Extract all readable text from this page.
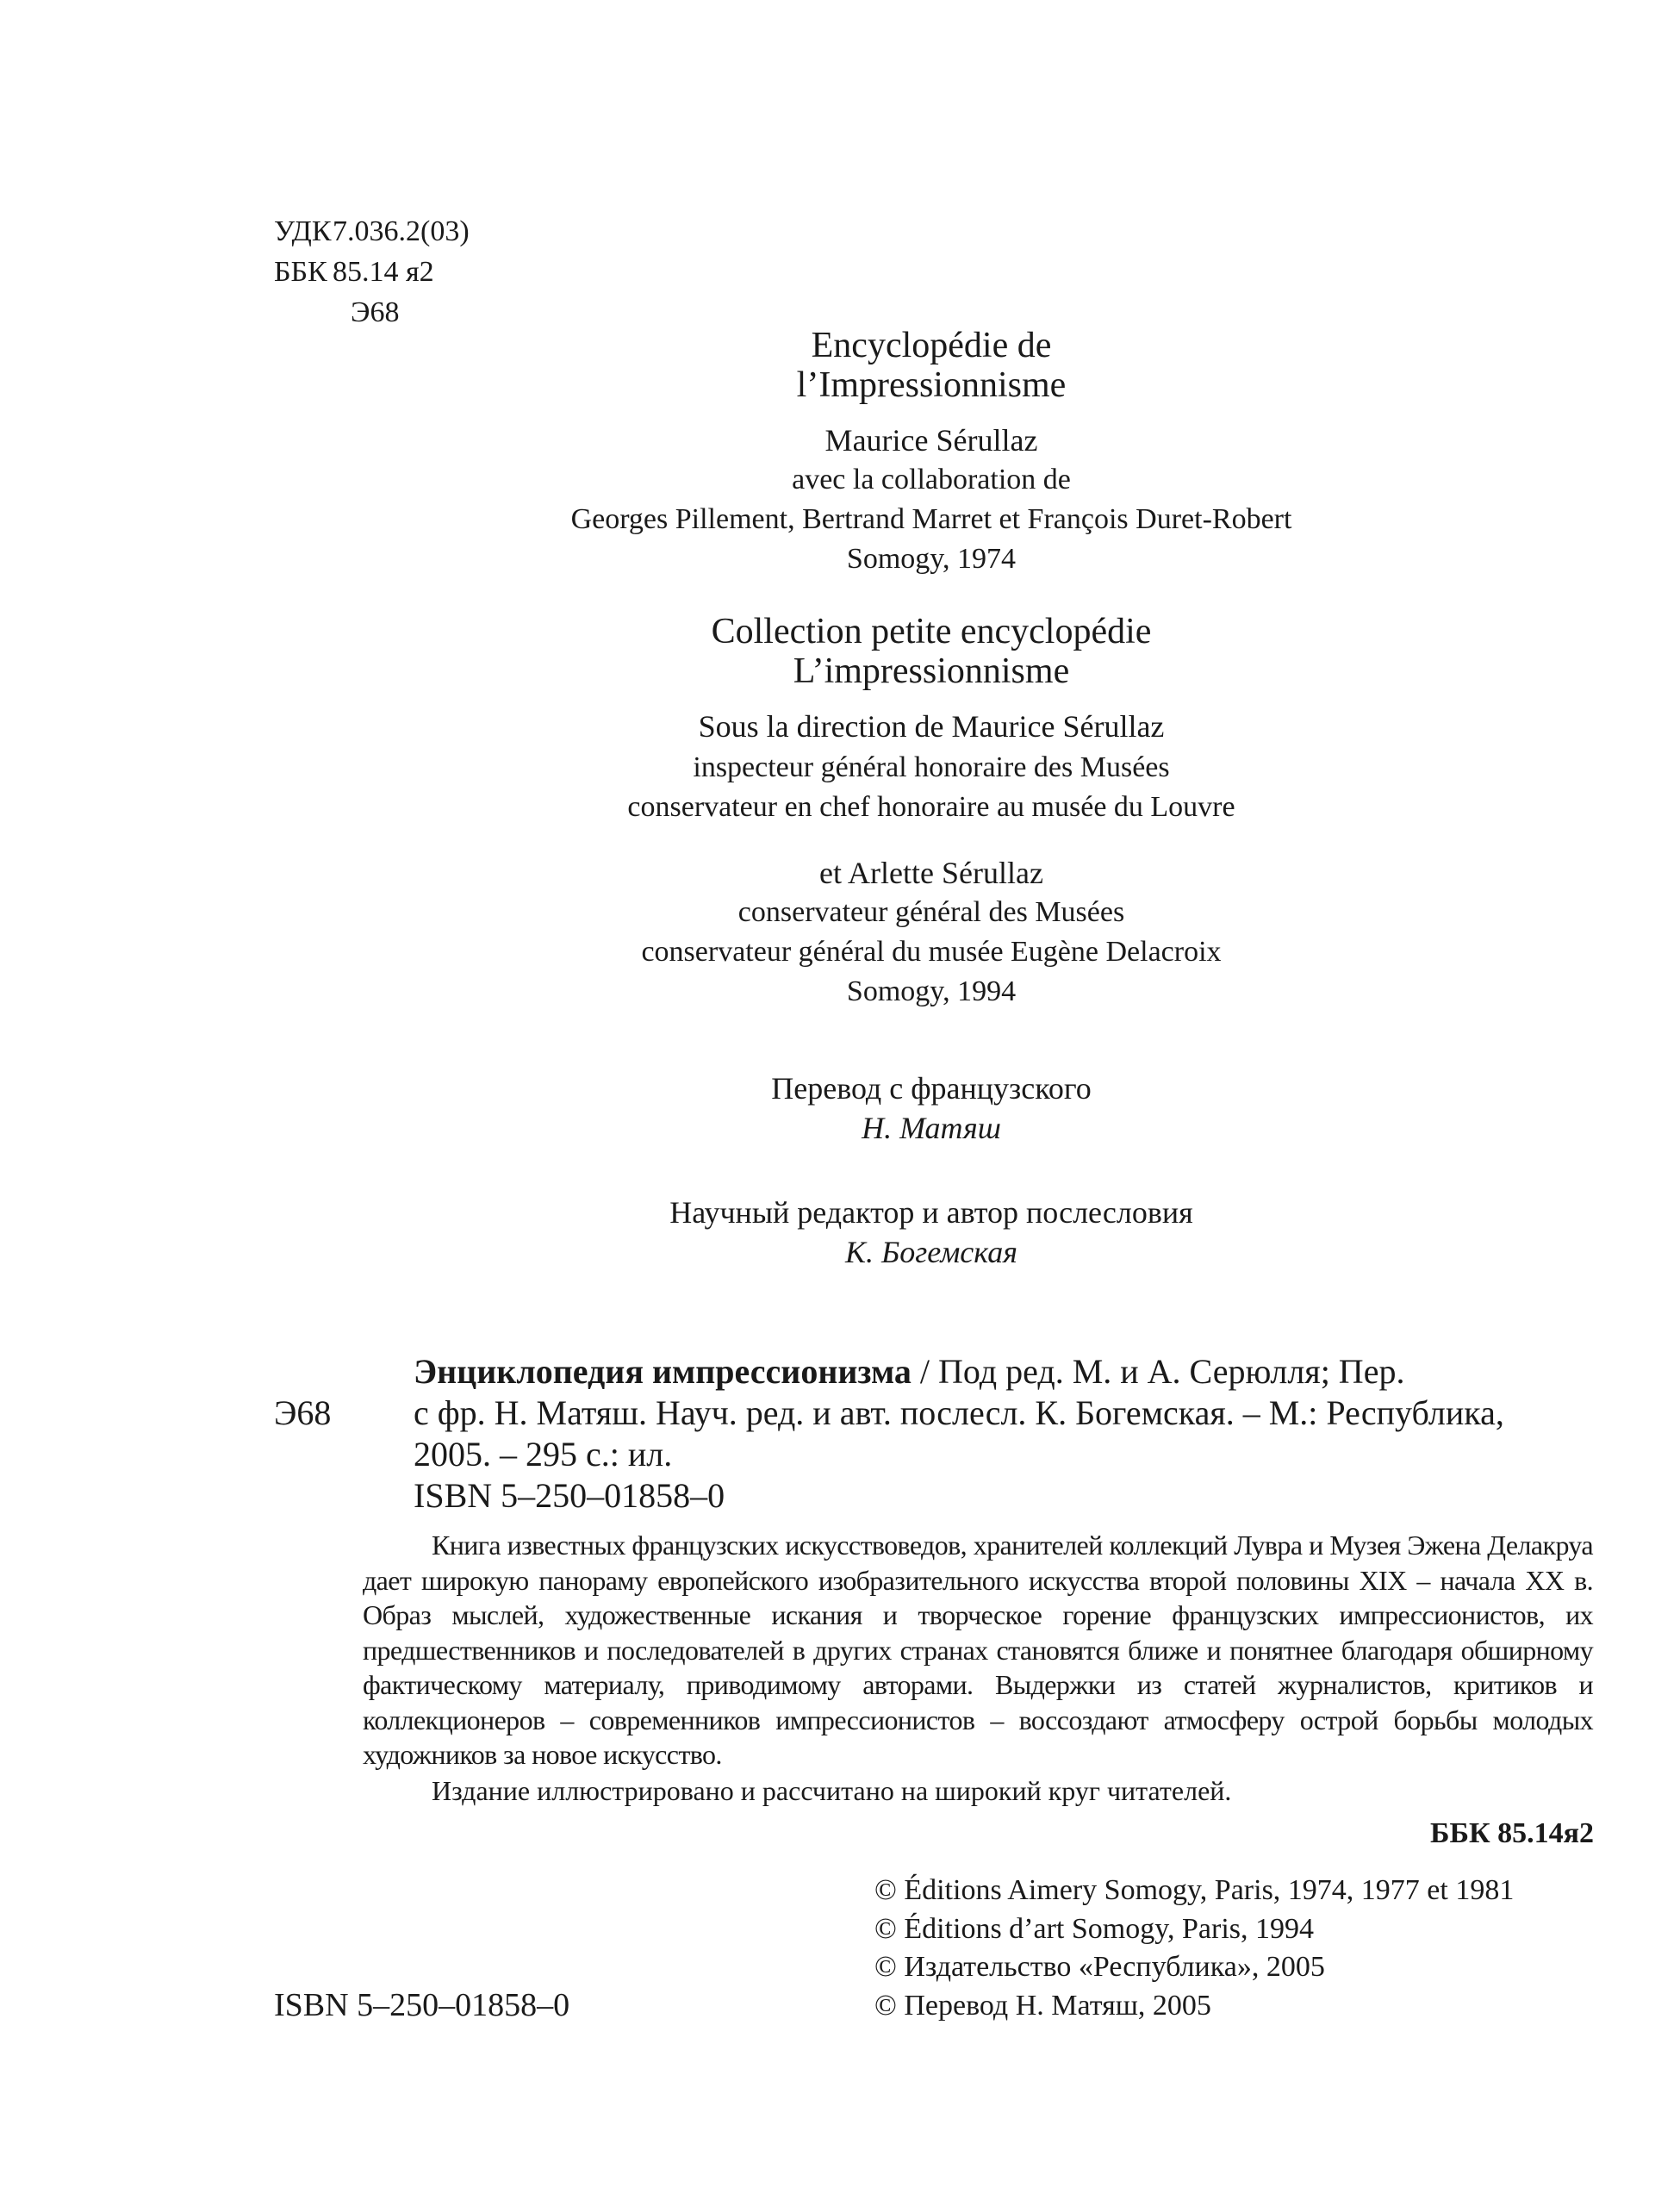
УДК7.036.2(03)
ББК 85.14 я2
Э68
Encyclopédie de
l’Impressionnisme
Maurice Sérullaz
avec la collaboration de
Georges Pillement, Bertrand Marret et François Duret-Robert
Somogy, 1974
Collection petite encyclopédie
L’impressionnisme
Sous la direction de Maurice Sérullaz
inspecteur général honoraire des Musées
conservateur en chef honoraire au musée du Louvre
et Arlette Sérullaz
conservateur général des Musées
conservateur général du musée Eugène Delacroix
Somogy, 1994
Перевод с французского
Н. Матяш
Научный редактор и автор послесловия
К. Богемская
Э68
Энциклопедия импрессионизма / Под ред. М. и А. Серюлля; Пер.
с фр. Н. Матяш. Науч. ред. и авт. послесл. К. Богемская. – М.: Республика,
2005. – 295 с.: ил.
ISBN 5–250–01858–0
Книга известных французских искусствоведов, хранителей коллекций Лувра и Музея Эжена Делакруа дает широкую панораму европейского изобразительного искусства второй половины XIX – начала XX в. Образ мыслей, художественные искания и творческое горение французских импрессионистов, их предшественников и последователей в других странах становятся ближе и понятнее благодаря обширному фактическому материалу, приводимому авторами. Выдержки из статей журналистов, критиков и коллекционеров – современников импрессионистов – воссоздают атмосферу острой борьбы молодых художников за новое искусство.
Издание иллюстрировано и рассчитано на широкий круг читателей.
ББК 85.14я2
© Éditions Aimery Somogy, Paris, 1974, 1977 et 1981
© Éditions d’art Somogy, Paris, 1994
© Издательство «Республика», 2005
© Перевод Н. Матяш, 2005
ISBN 5–250–01858–0
